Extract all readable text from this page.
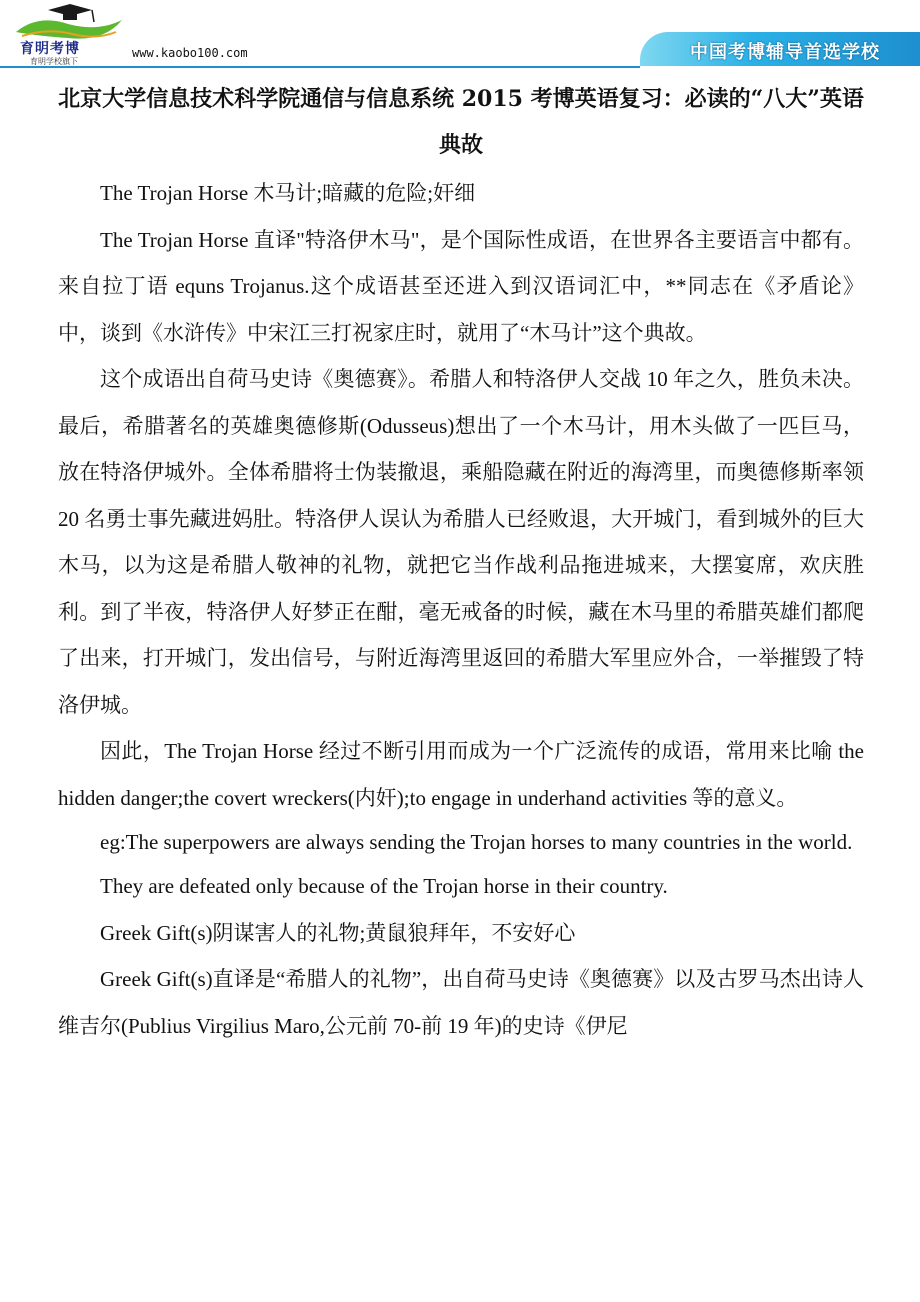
育明考博
育明学校旗下
www.kaobo100.com	中国考博辅导首选学校
北京大学信息技术科学院通信与信息系统 2015 考博英语复习：必读的“八大”英语典故

The Trojan Horse 木马计;暗藏的危险;奸细

The Trojan Horse 直译"特洛伊木马"，是个国际性成语，在世界各主要语言中都有。来自拉丁语 equns Trojanus.这个成语甚至还进入到汉语词汇中，**同志在《矛盾论》中，谈到《水浒传》中宋江三打祝家庄时，就用了“木马计”这个典故。

这个成语出自荷马史诗《奥德赛》。希腊人和特洛伊人交战 10 年之久，胜负未决。最后，希腊著名的英雄奥德修斯(Odusseus)想出了一个木马计，用木头做了一匹巨马，放在特洛伊城外。全体希腊将士伪装撤退，乘船隐藏在附近的海湾里，而奥德修斯率领 20 名勇士事先藏进妈肚。特洛伊人误认为希腊人已经败退，大开城门，看到城外的巨大木马，以为这是希腊人敬神的礼物，就把它当作战利品拖进城来，大摆宴席，欢庆胜利。到了半夜，特洛伊人好梦正在酣，毫无戒备的时候，藏在木马里的希腊英雄们都爬了出来，打开城门，发出信号，与附近海湾里返回的希腊大军里应外合，一举摧毁了特洛伊城。

因此，The Trojan Horse 经过不断引用而成为一个广泛流传的成语，常用来比喻 the hidden danger;the covert wreckers(内奸);to engage in underhand activities 等的意义。

eg:The superpowers are always sending the Trojan horses to many countries in the world.

They are defeated only because of the Trojan horse in their country.

Greek Gift(s)阴谋害人的礼物;黄鼠狼拜年，不安好心

Greek Gift(s)直译是“希腊人的礼物”，出自荷马史诗《奥德赛》以及古罗马杰出诗人维吉尔(Publius Virgilius Maro,公元前 70-前 19 年)的史诗《伊尼
